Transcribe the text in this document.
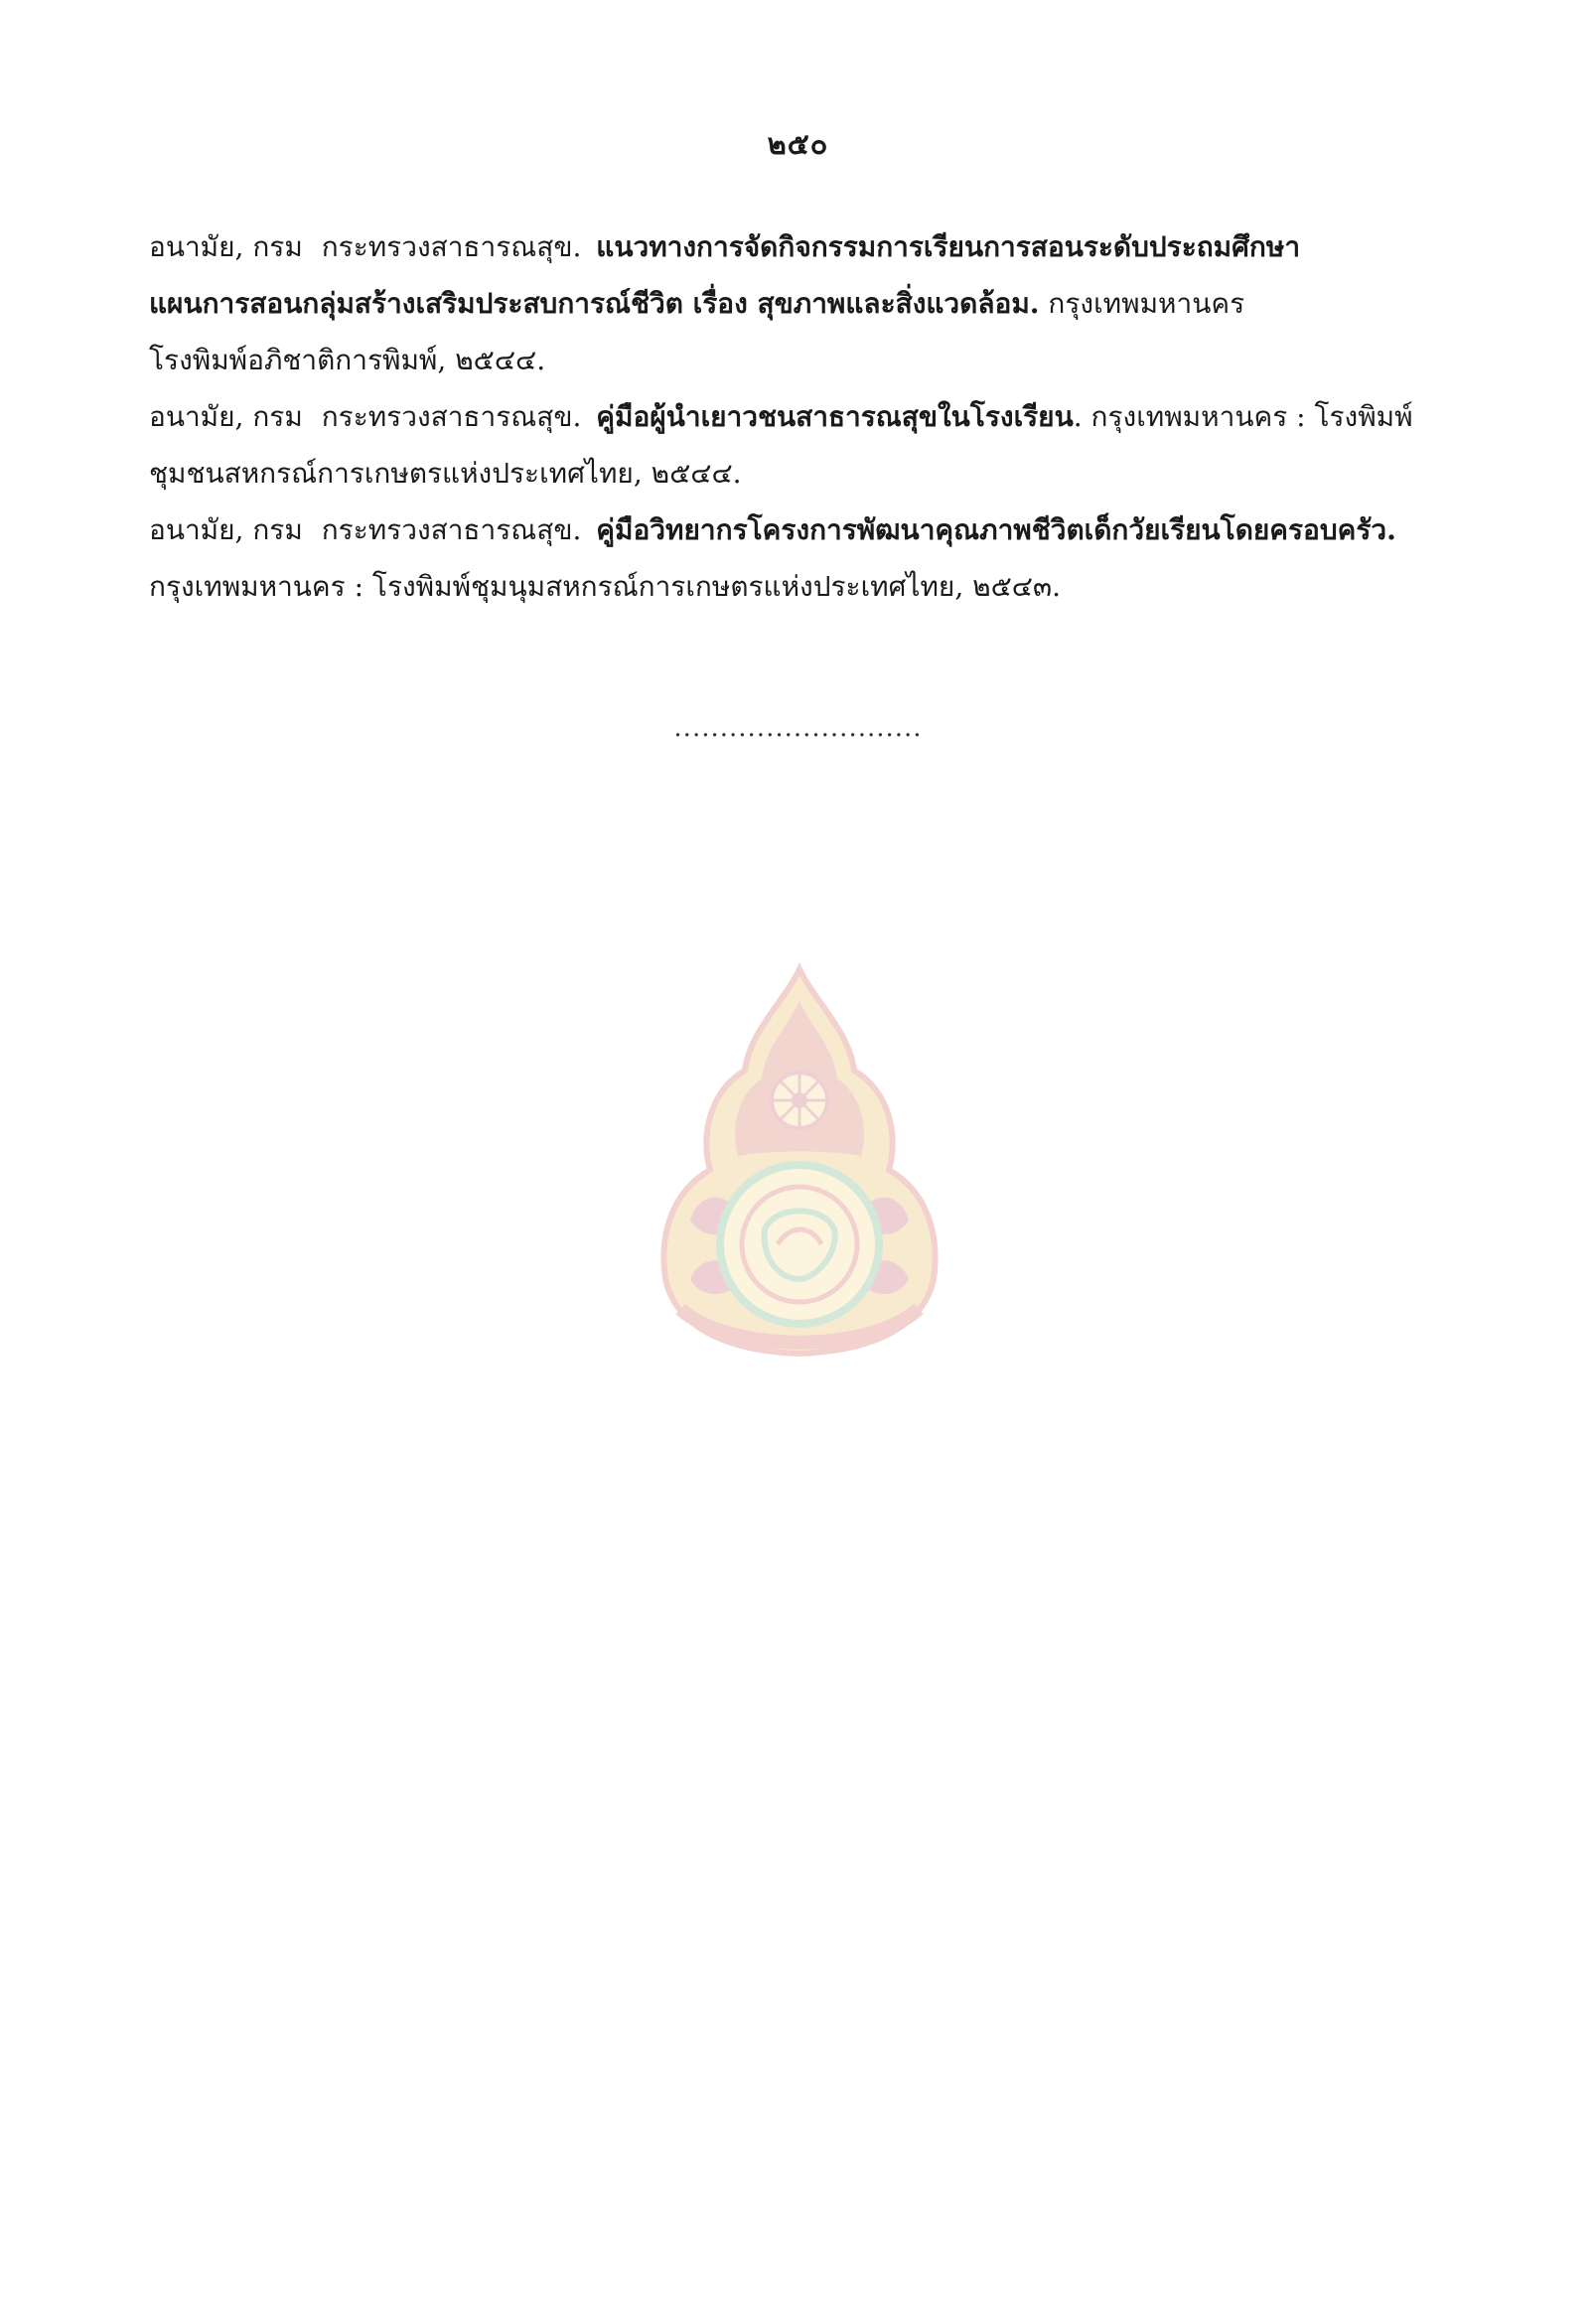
๒๕๐

อนามัย, กรม กระทรวงสาธารณสุข. แนวทางการจัดกิจกรรมการเรียนการสอนระดับประถมศึกษา
แผนการสอนกลุ่มสร้างเสริมประสบการณ์ชีวิต เรื่อง สุขภาพและสิ่งแวดล้อม. กรุงเทพมหานคร
โรงพิมพ์อภิชาติการพิมพ์, ๒๕๔๔.

อนามัย, กรม กระทรวงสาธารณสุข. คู่มือผู้นำเยาวชนสาธารณสุขในโรงเรียน. กรุงเทพมหานคร : โรงพิมพ์
ชุมชนสหกรณ์การเกษตรแห่งประเทศไทย, ๒๕๔๔.

อนามัย, กรม กระทรวงสาธารณสุข. คู่มือวิทยากรโครงการพัฒนาคุณภาพชีวิตเด็กวัยเรียนโดยครอบครัว.
กรุงเทพมหานคร : โรงพิมพ์ชุมนุมสหกรณ์การเกษตรแห่งประเทศไทย, ๒๕๔๓.

...........................
